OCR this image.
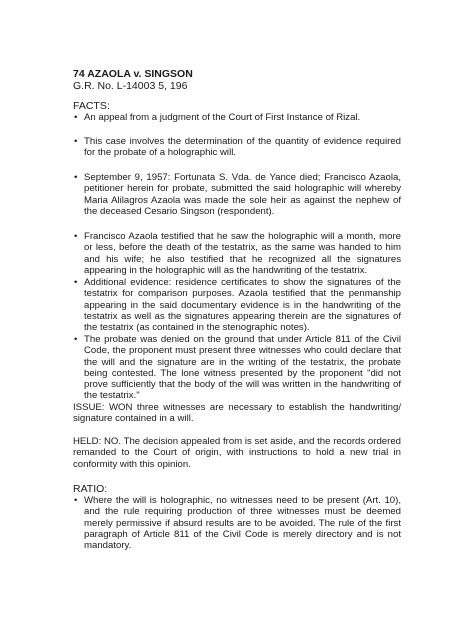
74 AZAOLA v. SINGSON
G.R. No. L-14003 5, 196
FACTS:
• An appeal from a judgment of the Court of First Instance of Rizal.
• This case involves the determination of the quantity of evidence required for the probate of a holographic will.
• September 9, 1957: Fortunata S. Vda. de Yance died; Francisco Azaola, petitioner herein for probate, submitted the said holographic will whereby Maria Alilagros Azaola was made the sole heir as against the nephew of the deceased Cesario Singson (respondent).
• Francisco Azaola testified that he saw the holographic will a month, more or less, before the death of the testatrix, as the same was handed to him and his wife; he also testified that he recognized all the signatures appearing in the holographic will as the handwriting of the testatrix.
• Additional evidence: residence certificates to show the signatures of the testatrix for comparison purposes. Azaola testified that the penmanship appearing in the said documentary evidence is in the handwriting of the testatrix as well as the signatures appearing therein are the signatures of the testatrix (as contained in the stenographic notes).
• The probate was denied on the ground that under Article 811 of the Civil Code, the proponent must present three witnesses who could declare that the will and the signature are in the writing of the testatrix, the probate being contested. The lone witness presented by the proponent "did not prove sufficiently that the body of the will was written in the handwriting of the testatrix."
ISSUE: WON three witnesses are necessary to establish the handwriting/ signature contained in a will.
HELD: NO. The decision appealed from is set aside, and the records ordered remanded to the Court of origin, with instructions to hold a new trial in conformity with this opinion.
RATIO:
• Where the will is holographic, no witnesses need to be present (Art. 10), and the rule requiring production of three witnesses must be deemed merely permissive if absurd results are to be avoided. The rule of the first paragraph of Article 811 of the Civil Code is merely directory and is not mandatory.
